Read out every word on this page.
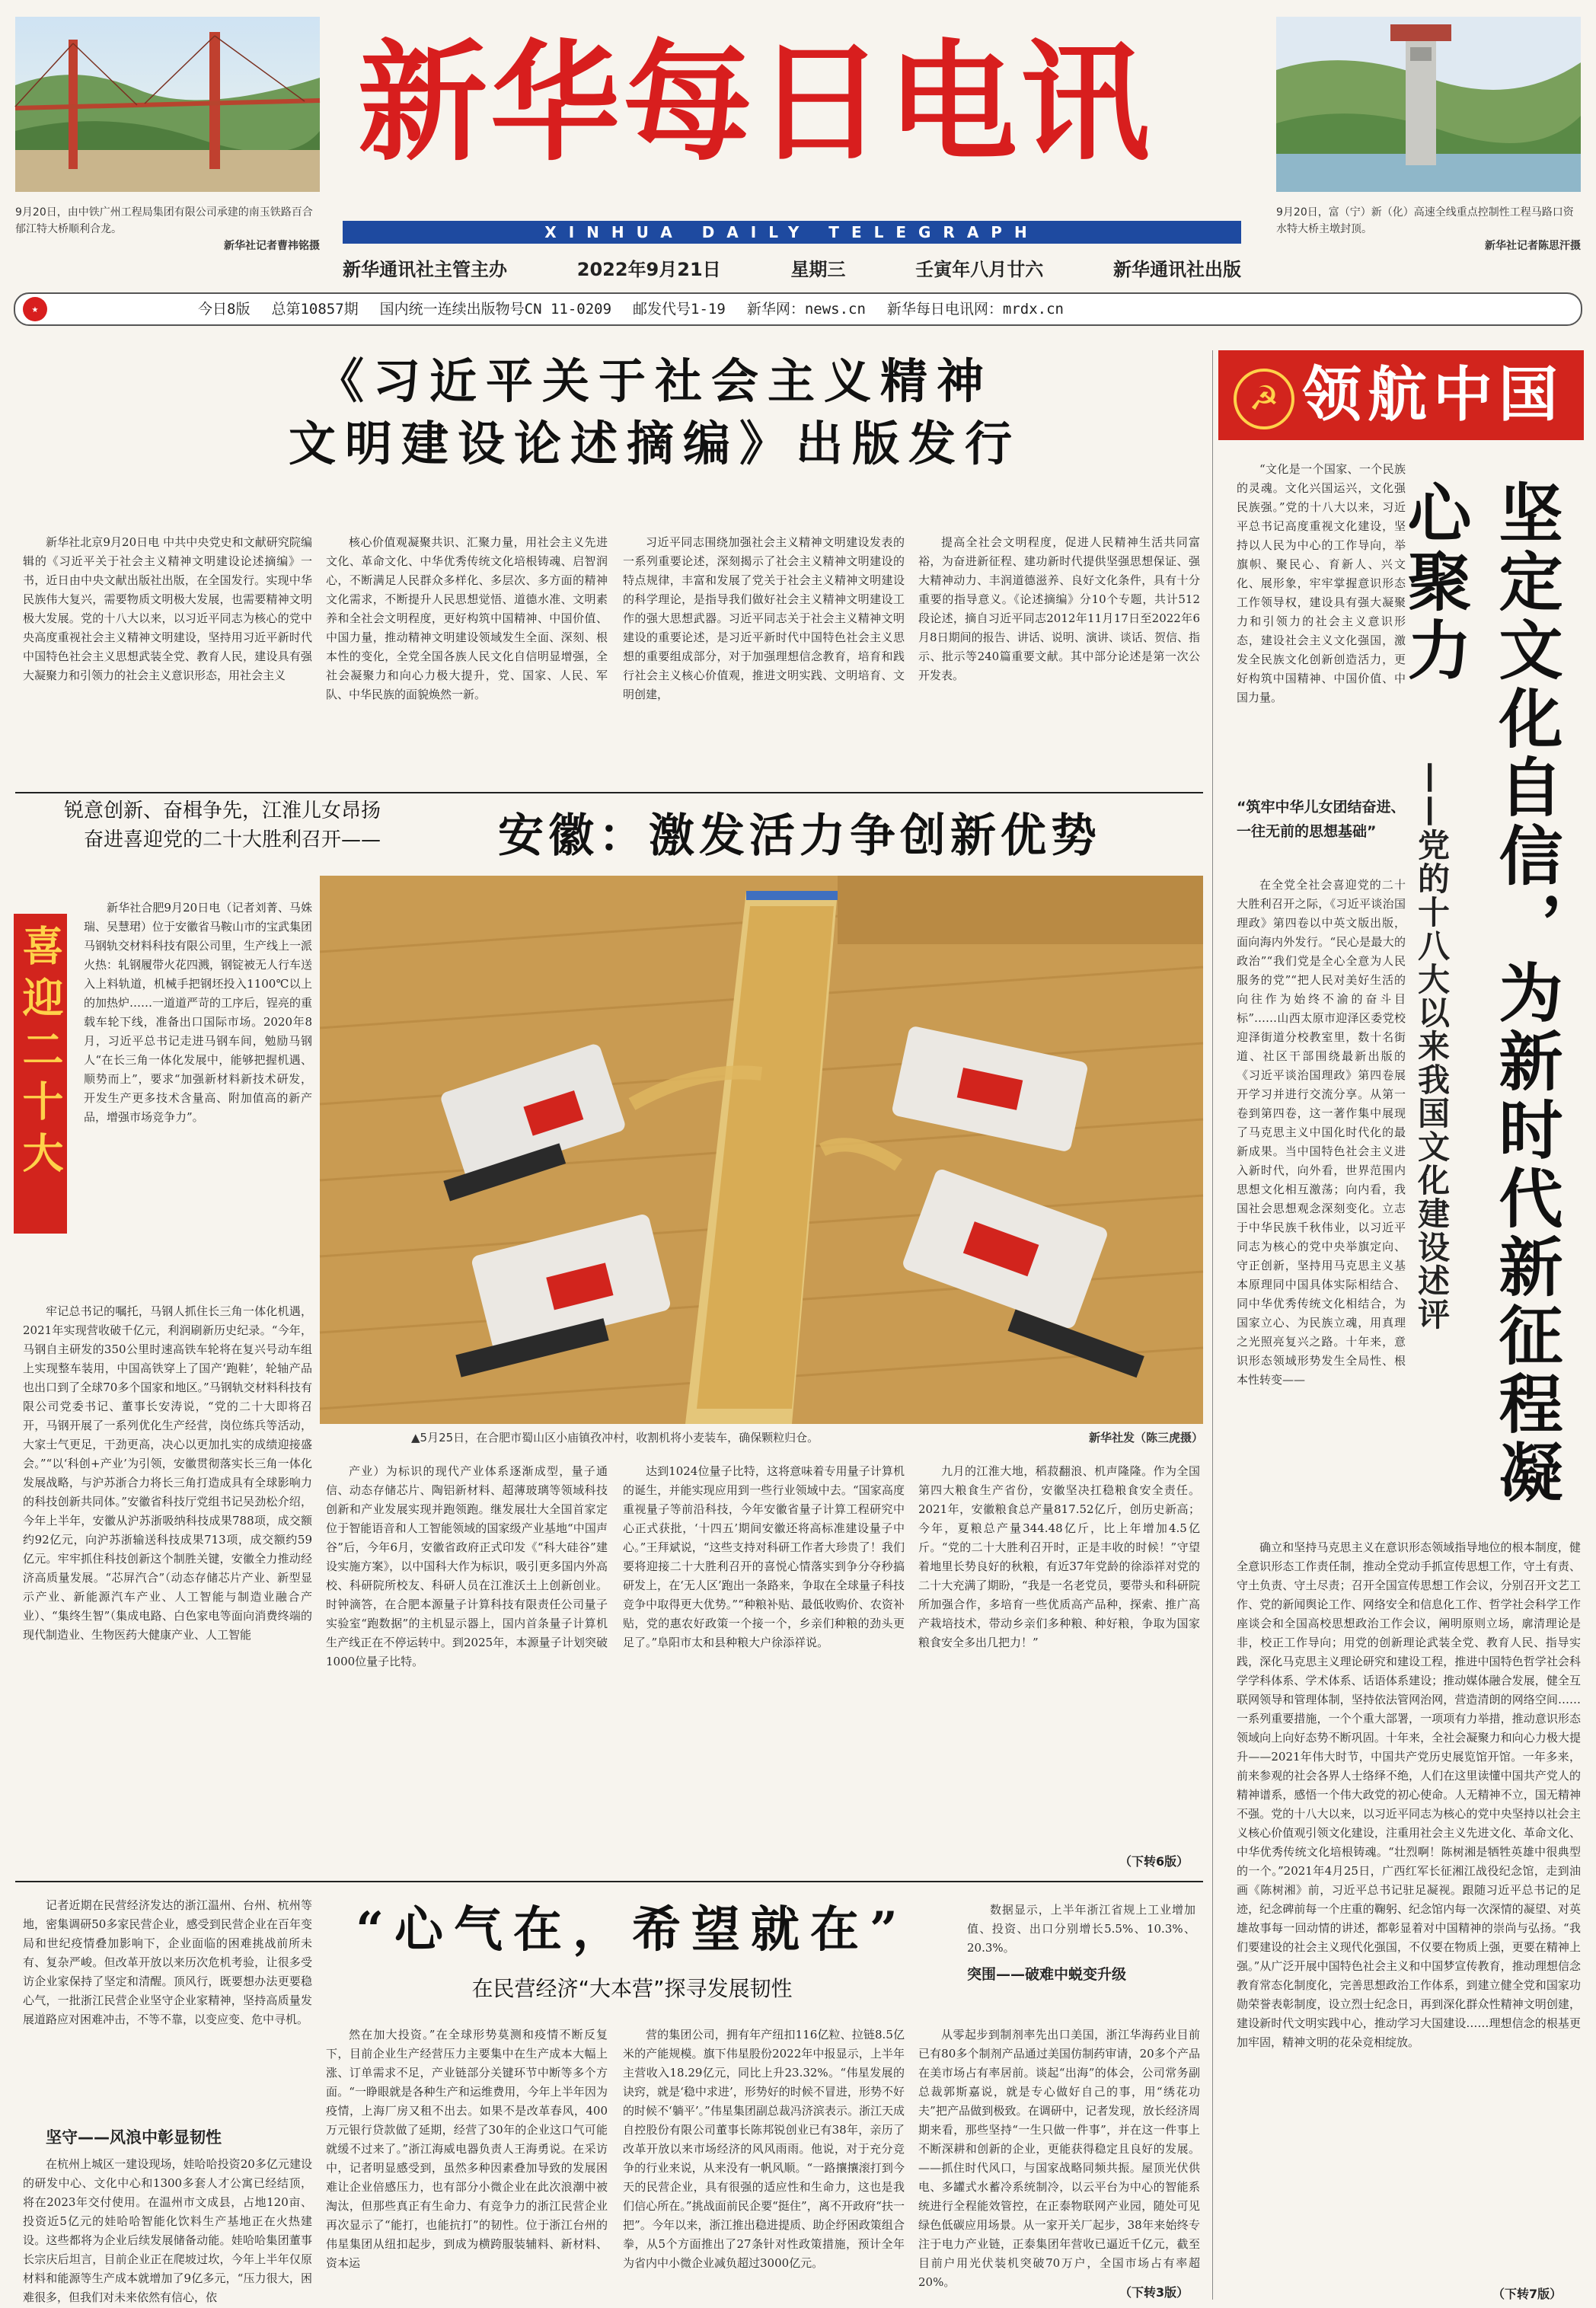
9月20日，由中铁广州工程局集团有限公司承建的南玉铁路百合郁江特大桥顺利合龙。
新华社记者曹祎铭摄
新华每日电讯
XINHUA DAILY TELEGRAPH
新华通讯社主管主办	2022年9月21日	星期三	壬寅年八月廿六	新华通讯社出版
9月20日，富（宁）新（化）高速全线重点控制性工程马路口资水特大桥主墩封顶。
新华社记者陈思汗摄
★	今日8版 总第10857期 国内统一连续出版物号CN 11-0209 邮发代号1-19 新华网：news.cn 新华每日电讯网：mrdx.cn
《习近平关于社会主义精神
文明建设论述摘编》出版发行

新华社北京9月20日电 中共中央党史和文献研究院编辑的《习近平关于社会主义精神文明建设论述摘编》一书，近日由中央文献出版社出版，在全国发行。实现中华民族伟大复兴，需要物质文明极大发展，也需要精神文明极大发展。党的十八大以来，以习近平同志为核心的党中央高度重视社会主义精神文明建设，坚持用习近平新时代中国特色社会主义思想武装全党、教育人民，建设具有强大凝聚力和引领力的社会主义意识形态，用社会主义

核心价值观凝聚共识、汇聚力量，用社会主义先进文化、革命文化、中华优秀传统文化培根铸魂、启智润心，不断满足人民群众多样化、多层次、多方面的精神文化需求，不断提升人民思想觉悟、道德水准、文明素养和全社会文明程度，更好构筑中国精神、中国价值、中国力量，推动精神文明建设领域发生全面、深刻、根本性的变化，全党全国各族人民文化自信明显增强，全社会凝聚力和向心力极大提升，党、国家、人民、军队、中华民族的面貌焕然一新。

习近平同志围绕加强社会主义精神文明建设发表的一系列重要论述，深刻揭示了社会主义精神文明建设的特点规律，丰富和发展了党关于社会主义精神文明建设的科学理论，是指导我们做好社会主义精神文明建设工作的强大思想武器。习近平同志关于社会主义精神文明建设的重要论述，是习近平新时代中国特色社会主义思想的重要组成部分，对于加强理想信念教育，培育和践行社会主义核心价值观，推进文明实践、文明培育、文明创建，

提高全社会文明程度，促进人民精神生活共同富裕，为奋进新征程、建功新时代提供坚强思想保证、强大精神动力、丰润道德滋养、良好文化条件，具有十分重要的指导意义。《论述摘编》分10个专题，共计512段论述，摘自习近平同志2012年11月17日至2022年6月8日期间的报告、讲话、说明、演讲、谈话、贺信、指示、批示等240篇重要文献。其中部分论述是第一次公开发表。

☭ 领航中国
坚定文化自信，为新时代新征程凝心聚力
——党的十八大以来我国文化建设述评

“文化是一个国家、一个民族的灵魂。文化兴国运兴，文化强民族强。”党的十八大以来，习近平总书记高度重视文化建设，坚持以人民为中心的工作导向，举旗帜、聚民心、育新人、兴文化、展形象，牢牢掌握意识形态工作领导权，建设具有强大凝聚力和引领力的社会主义意识形态，建设社会主义文化强国，激发全民族文化创新创造活力，更好构筑中国精神、中国价值、中国力量。

“筑牢中华儿女团结奋进、一往无前的思想基础”

在全党全社会喜迎党的二十大胜利召开之际，《习近平谈治国理政》第四卷以中英文版出版，面向海内外发行。“民心是最大的政治”“我们党是全心全意为人民服务的党”“把人民对美好生活的向往作为始终不渝的奋斗目标”……山西太原市迎泽区委党校迎泽街道分校教室里，数十名街道、社区干部围绕最新出版的《习近平谈治国理政》第四卷展开学习并进行交流分享。从第一卷到第四卷，这一著作集中展现了马克思主义中国化时代化的最新成果。当中国特色社会主义进入新时代，向外看，世界范围内思想文化相互激荡；向内看，我国社会思想观念深刻变化。立志于中华民族千秋伟业，以习近平同志为核心的党中央举旗定向、守正创新，坚持用马克思主义基本原理同中国具体实际相结合、同中华优秀传统文化相结合，为国家立心、为民族立魂，用真理之光照亮复兴之路。十年来，意识形态领域形势发生全局性、根本性转变——

确立和坚持马克思主义在意识形态领域指导地位的根本制度，健全意识形态工作责任制，推动全党动手抓宣传思想工作，守土有责、守土负责、守土尽责；召开全国宣传思想工作会议，分别召开文艺工作、党的新闻舆论工作、网络安全和信息化工作、哲学社会科学工作座谈会和全国高校思想政治工作会议，阐明原则立场，廓清理论是非，校正工作导向；用党的创新理论武装全党、教育人民、指导实践，深化马克思主义理论研究和建设工程，推进中国特色哲学社会科学学科体系、学术体系、话语体系建设；推动媒体融合发展，健全互联网领导和管理体制，坚持依法管网治网，营造清朗的网络空间……一系列重要措施，一个个重大部署，一项项有力举措，推动意识形态领域向上向好态势不断巩固。十年来，全社会凝聚力和向心力极大提升——2021年伟大时节，中国共产党历史展览馆开馆。一年多来，前来参观的社会各界人士络绎不绝，人们在这里读懂中国共产党人的精神谱系，感悟一个伟大政党的初心使命。人无精神不立，国无精神不强。党的十八大以来，以习近平同志为核心的党中央坚持以社会主义核心价值观引领文化建设，注重用社会主义先进文化、革命文化、中华优秀传统文化培根铸魂。“壮烈啊！陈树湘是牺牲英雄中很典型的一个。”2021年4月25日，广西红军长征湘江战役纪念馆，走到油画《陈树湘》前，习近平总书记驻足凝视。跟随习近平总书记的足迹，纪念碑前每一个庄重的鞠躬、纪念馆内每一次深情的凝望、对英雄故事每一回动情的讲述，都彰显着对中国精神的崇尚与弘扬。“我们要建设的社会主义现代化强国，不仅要在物质上强，更要在精神上强。”从广泛开展中国特色社会主义和中国梦宣传教育，推动理想信念教育常态化制度化，完善思想政治工作体系，到建立健全党和国家功勋荣誉表彰制度，设立烈士纪念日，再到深化群众性精神文明创建，建设新时代文明实践中心，推动学习大国建设……理想信念的根基更加牢固，精神文明的花朵竞相绽放。

（下转7版）
锐意创新、奋楫争先，江淮儿女昂扬奋进喜迎党的二十大胜利召开——	安徽：激发活力争创新优势
喜迎二十大

新华社合肥9月20日电（记者刘菁、马姝瑞、吴慧珺）位于安徽省马鞍山市的宝武集团马钢轨交材料科技有限公司里，生产线上一派火热：轧钢履带火花四溅，钢锭被无人行车送入上料轨道，机械手把钢坯投入1100℃以上的加热炉……一道道严苛的工序后，锃亮的重载车轮下线，准备出口国际市场。2020年8月，习近平总书记走进马钢车间，勉励马钢人“在长三角一体化发展中，能够把握机遇、顺势而上”，要求“加强新材料新技术研发，开发生产更多技术含量高、附加值高的新产品，增强市场竞争力”。

▲5月25日，在合肥市蜀山区小庙镇孜冲村，收割机将小麦装车，确保颗粒归仓。	新华社发（陈三虎摄）

牢记总书记的嘱托，马钢人抓住长三角一体化机遇，2021年实现营收破千亿元，利润刷新历史纪录。“今年，马钢自主研发的350公里时速高铁车轮将在复兴号动车组上实现整车装用，中国高铁穿上了国产‘跑鞋’，轮轴产品也出口到了全球70多个国家和地区。”马钢轨交材料科技有限公司党委书记、董事长安涛说，“党的二十大即将召开，马钢开展了一系列优化生产经营，岗位练兵等活动，大家士气更足，干劲更高，决心以更加扎实的成绩迎接盛会。”“以‘科创+产业’为引领，安徽贯彻落实长三角一体化发展战略，与沪苏浙合力将长三角打造成具有全球影响力的科技创新共同体。”安徽省科技厅党组书记吴劲松介绍，今年上半年，安徽从沪苏浙吸纳科技成果788项，成交额约92亿元，向沪苏浙输送科技成果713项，成交额约59亿元。牢牢抓住科技创新这个制胜关键，安徽全力推动经济高质量发展。“芯屏汽合”（动态存储芯片产业、新型显示产业、新能源汽车产业、人工智能与制造业融合产业）、“集终生智”（集成电路、白色家电等面向消费终端的现代制造业、生物医药大健康产业、人工智能

产业）为标识的现代产业体系逐渐成型，量子通信、动态存储芯片、陶铝新材料、超薄玻璃等领域科技创新和产业发展实现并跑领跑。继发展壮大全国首家定位于智能语音和人工智能领域的国家级产业基地“中国声谷”后，今年6月，安徽省政府正式印发《“科大硅谷”建设实施方案》，以中国科大作为标识，吸引更多国内外高校、科研院所校友、科研人员在江淮沃土上创新创业。时钟滴答，在合肥本源量子计算科技有限责任公司量子实验室“跑数据”的主机显示器上，国内首条量子计算机生产线正在不停运转中。到2025年，本源量子计划突破1000位量子比特。

达到1024位量子比特，这将意味着专用量子计算机的诞生，并能实现应用到一些行业领域中去。“国家高度重视量子等前沿科技，今年安徽省量子计算工程研究中心正式获批，‘十四五’期间安徽还将高标准建设量子中心。”王拜斌说，“这些支持对科研工作者大珍贵了！我们要将迎接二十大胜利召开的喜悦心情落实到争分夺秒搞研发上，在‘无人区’跑出一条路来，争取在全球量子科技竞争中取得更大优势。”“种粮补贴、最低收购价、农资补贴，党的惠农好政策一个接一个，乡亲们种粮的劲头更足了。”阜阳市太和县种粮大户徐添祥说。

九月的江淮大地，稻菽翻浪、机声隆隆。作为全国第四大粮食生产省份，安徽坚决扛稳粮食安全责任。2021年，安徽粮食总产量817.52亿斤，创历史新高；今年，夏粮总产量344.48亿斤，比上年增加4.5亿斤。“党的二十大胜利召开时，正是丰收的时候！”守望着地里长势良好的秋粮，有近37年党龄的徐添祥对党的二十大充满了期盼，“我是一名老党员，要带头和科研院所加强合作，多培育一些优质高产品种，探索、推广高产栽培技术，带动乡亲们多种粮、种好粮，争取为国家粮食安全多出几把力！”

（下转6版）

记者近期在民营经济发达的浙江温州、台州、杭州等地，密集调研50多家民营企业，感受到民营企业在百年变局和世纪疫情叠加影响下，企业面临的困难挑战前所未有、复杂严峻。但改革开放以来历次危机考验，让很多受访企业家保持了坚定和清醒。顶风行，既要想办法更要稳心气，一批浙江民营企业坚守企业家精神，坚持高质量发展道路应对困难冲击，不等不靠，以变应变、危中寻机。

“心气在，希望就在”
在民营经济“大本营”探寻发展韧性
坚守——风浪中彰显韧性

在杭州上城区一建设现场，娃哈哈投资20多亿元建设的研发中心、文化中心和1300多套人才公寓已经结顶，将在2023年交付使用。在温州市文成县，占地120亩、投资近5亿元的娃哈哈智能化饮料生产基地正在火热建设。这些都将为企业后续发展储备动能。娃哈哈集团董事长宗庆后坦言，目前企业正在爬坡过坎，今年上半年仅原材料和能源等生产成本就增加了9亿多元，“压力很大，困难很多，但我们对未来依然有信心，依

然在加大投资。”在全球形势莫测和疫情不断反复下，目前企业生产经营压力主要集中在生产成本大幅上涨、订单需求不足，产业链部分关键环节中断等多个方面。“一睁眼就是各种生产和运维费用，今年上半年因为疫情，上海厂房又租不出去。如果不是改革春风，400万元银行贷款做了延期，经营了30年的企业这口气可能就缓不过来了。”浙江海威电器负责人王海勇说。在采访中，记者明显感受到，虽然多种因素叠加导致的发展困难让企业倍感压力，也有部分小微企业在此次浪潮中被淘汰，但那些真正有生命力、有竞争力的浙江民营企业再次显示了“能打，也能抗打”的韧性。位于浙江台州的伟星集团从纽扣起步，到成为横跨服装辅料、新材料、资本运

营的集团公司，拥有年产纽扣116亿粒、拉链8.5亿米的产能规模。旗下伟星股份2022年中报显示，上半年主营收入18.29亿元，同比上升23.32%。“伟星发展的诀窍，就是‘稳中求进’，形势好的时候不冒进，形势不好的时候不‘躺平’。”伟星集团副总裁冯济滨表示。浙江天成自控股份有限公司董事长陈邦锐创业已有38年，亲历了改革开放以来市场经济的风风雨雨。他说，对于充分竞争的行业来说，从来没有一帆风顺。“一路攘攘滚打到今天的民营企业，具有很强的适应性和生命力，这也是我们信心所在。”挑战面前民企要“挺住”，离不开政府“扶一把”。今年以来，浙江推出稳进提质、助企纾困政策组合拳，从5个方面推出了27条针对性政策措施，预计全年为省内中小微企业减负超过3000亿元。

数据显示，上半年浙江省规上工业增加值、投资、出口分别增长5.5%、10.3%、20.3%。

突围——破难中蜕变升级

从零起步到制剂率先出口美国，浙江华海药业目前已有80多个制剂产品通过美国仿制药审请，20多个产品在美市场占有率居前。谈起“出海”的体会，公司常务副总裁郭斯嘉说，就是专心做好自己的事，用“绣花功夫”把产品做到极致。在调研中，记者发现，放长经济周期来看，那些坚持“一生只做一件事”，并在这一件事上不断深耕和创新的企业，更能获得稳定且良好的发展。——抓住时代风口，与国家战略同频共振。屋顶光伏供电、多罐式水蓄冷系统制冷，以云平台为中心的智能系统进行全程能效管控，在正泰物联网产业园，随处可见绿色低碳应用场景。从一家开关厂起步，38年来始终专注于电力产业链，正泰集团年营收已逼近千亿元，截至目前户用光伏装机突破70万户，全国市场占有率超20%。

（下转3版）
